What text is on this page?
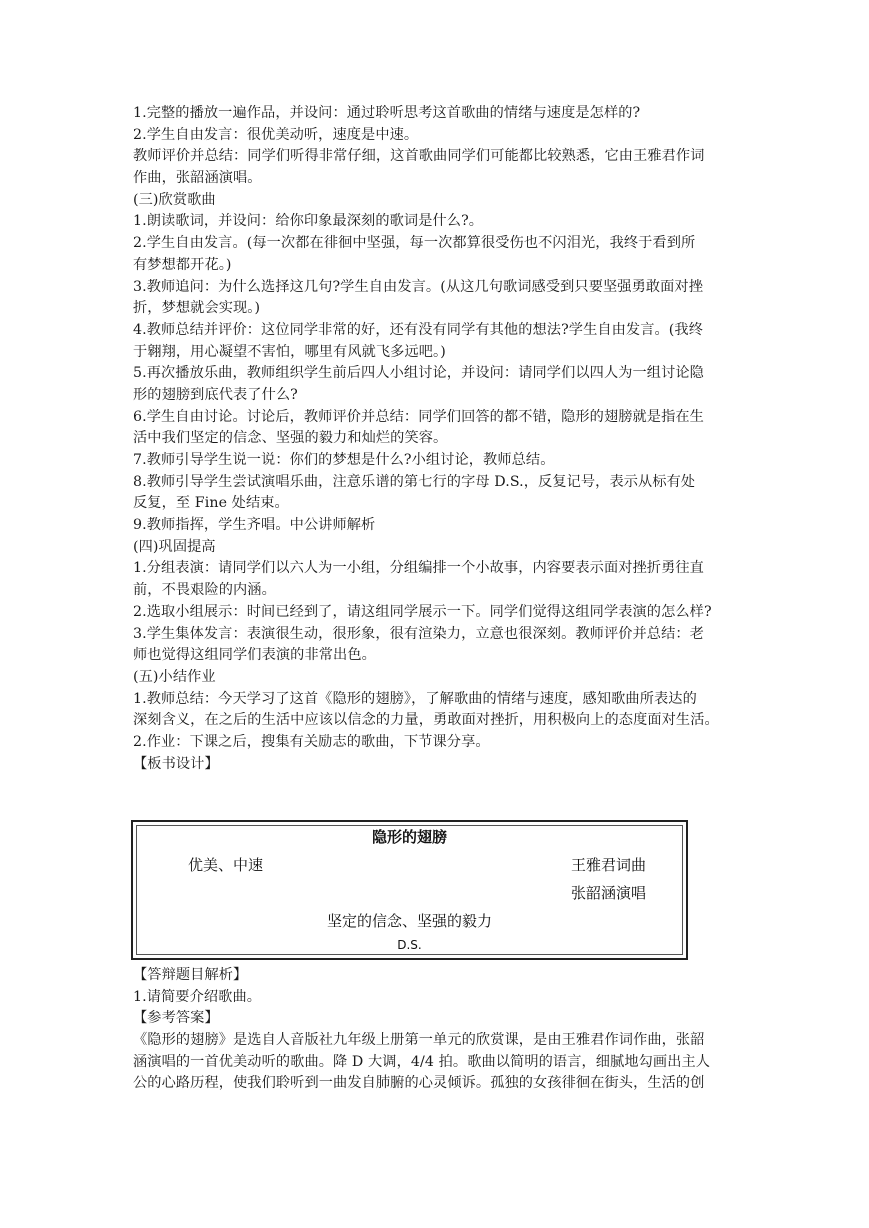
1.完整的播放一遍作品，并设问：通过聆听思考这首歌曲的情绪与速度是怎样的?
2.学生自由发言：很优美动听，速度是中速。
教师评价并总结：同学们听得非常仔细，这首歌曲同学们可能都比较熟悉，它由王雅君作词
作曲，张韶涵演唱。
(三)欣赏歌曲
1.朗读歌词，并设问：给你印象最深刻的歌词是什么?。
2.学生自由发言。(每一次都在徘徊中坚强，每一次都算很受伤也不闪泪光，我终于看到所
有梦想都开花。)
3.教师追问：为什么选择这几句?学生自由发言。(从这几句歌词感受到只要坚强勇敢面对挫
折，梦想就会实现。)
4.教师总结并评价：这位同学非常的好，还有没有同学有其他的想法?学生自由发言。(我终
于翱翔，用心凝望不害怕，哪里有风就飞多远吧。)
5.再次播放乐曲，教师组织学生前后四人小组讨论，并设问：请同学们以四人为一组讨论隐
形的翅膀到底代表了什么?
6.学生自由讨论。讨论后，教师评价并总结：同学们回答的都不错，隐形的翅膀就是指在生
活中我们坚定的信念、坚强的毅力和灿烂的笑容。
7.教师引导学生说一说：你们的梦想是什么?小组讨论，教师总结。
8.教师引导学生尝试演唱乐曲，注意乐谱的第七行的字母 D.S.，反复记号，表示从标有处
反复，至 Fine 处结束。
9.教师指挥，学生齐唱。中公讲师解析
(四)巩固提高
1.分组表演：请同学们以六人为一小组，分组编排一个小故事，内容要表示面对挫折勇往直
前，不畏艰险的内涵。
2.选取小组展示：时间已经到了，请这组同学展示一下。同学们觉得这组同学表演的怎么样?
3.学生集体发言：表演很生动，很形象，很有渲染力，立意也很深刻。教师评价并总结：老
师也觉得这组同学们表演的非常出色。
(五)小结作业
1.教师总结：今天学习了这首《隐形的翅膀》，了解歌曲的情绪与速度，感知歌曲所表达的
深刻含义，在之后的生活中应该以信念的力量，勇敢面对挫折，用积极向上的态度面对生活。
2.作业：下课之后，搜集有关励志的歌曲，下节课分享。
【板书设计】
隐形的翅膀
优美、中速	王雅君词曲
张韶涵演唱
坚定的信念、坚强的毅力
D.S.
【答辩题目解析】
1.请简要介绍歌曲。
【参考答案】
《隐形的翅膀》是选自人音版社九年级上册第一单元的欣赏课，是由王雅君作词作曲，张韶
涵演唱的一首优美动听的歌曲。降 D 大调，4/4 拍。歌曲以简明的语言，细腻地勾画出主人
公的心路历程，使我们聆听到一曲发自肺腑的心灵倾诉。孤独的女孩徘徊在街头，生活的创
